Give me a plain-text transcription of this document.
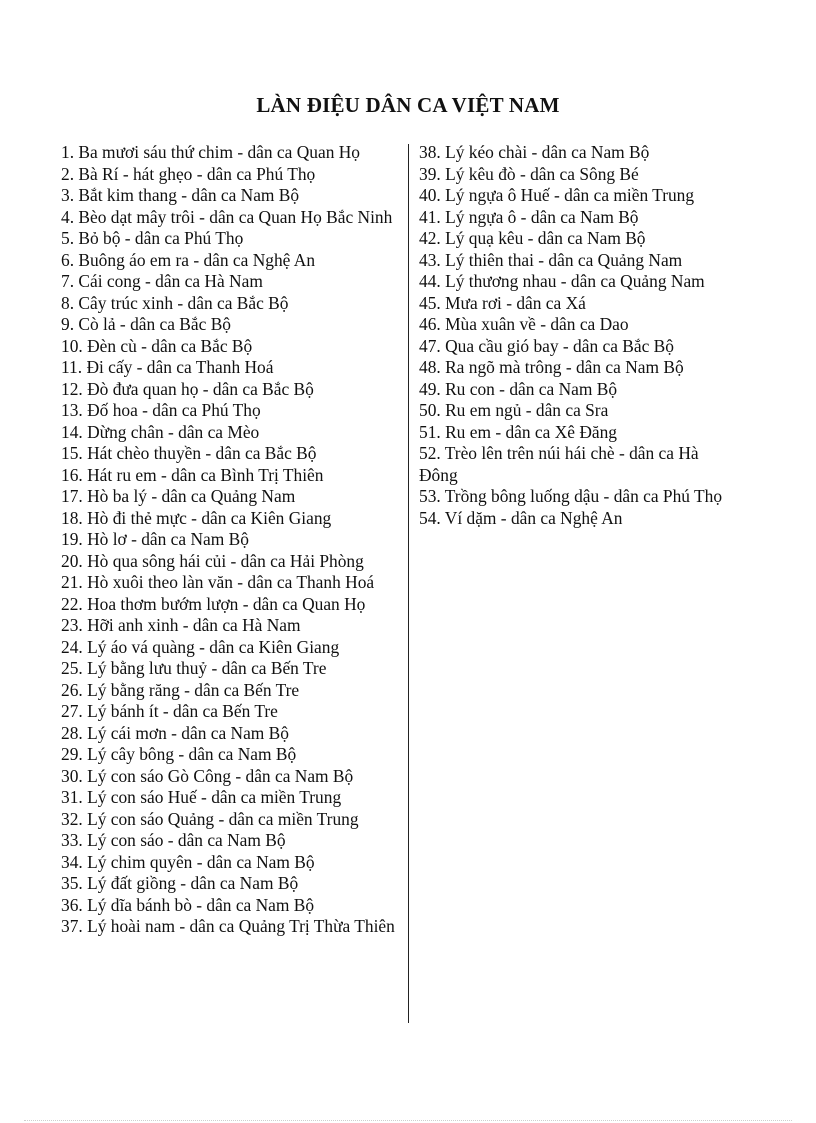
LÀN ĐIỆU DÂN CA VIỆT NAM
1. Ba mươi sáu thứ chim - dân ca Quan Họ
2. Bà Rí - hát ghẹo - dân ca Phú Thọ
3. Bắt kim thang - dân ca Nam Bộ
4. Bèo dạt mây trôi - dân ca Quan Họ Bắc Ninh
5. Bỏ bộ - dân ca Phú Thọ
6. Buông áo em ra - dân ca Nghệ An
7. Cái cong - dân ca Hà Nam
8. Cây trúc xinh - dân ca Bắc Bộ
9. Cò lả - dân ca Bắc Bộ
10. Đèn cù - dân ca Bắc Bộ
11. Đi cấy - dân ca Thanh Hoá
12. Đò đưa quan họ - dân ca Bắc Bộ
13. Đố hoa - dân ca Phú Thọ
14. Dừng chân - dân ca Mèo
15. Hát chèo thuyền - dân ca Bắc Bộ
16. Hát ru em - dân ca Bình Trị Thiên
17. Hò ba lý - dân ca Quảng Nam
18. Hò đi thẻ mực - dân ca Kiên Giang
19. Hò lơ - dân ca Nam Bộ
20. Hò qua sông hái củi - dân ca Hải Phòng
21. Hò xuôi theo làn văn - dân ca Thanh Hoá
22. Hoa thơm bướm lượn - dân ca Quan Họ
23. Hỡi anh xinh - dân ca Hà Nam
24. Lý áo vá quàng - dân ca Kiên Giang
25. Lý bằng lưu thuỷ - dân ca Bến Tre
26. Lý bằng răng - dân ca Bến Tre
27. Lý bánh ít - dân ca Bến Tre
28. Lý cái mơn - dân ca Nam Bộ
29. Lý cây bông - dân ca Nam Bộ
30. Lý con sáo Gò Công - dân ca Nam Bộ
31. Lý con sáo Huế - dân ca miền Trung
32. Lý con sáo Quảng - dân ca miền Trung
33. Lý con sáo - dân ca Nam Bộ
34. Lý chim quyên - dân ca Nam Bộ
35. Lý đất giồng - dân ca Nam Bộ
36. Lý dĩa bánh bò - dân ca Nam Bộ
37. Lý hoài nam - dân ca Quảng Trị Thừa Thiên
38. Lý kéo chài - dân ca Nam Bộ
39. Lý kêu đò - dân ca Sông Bé
40. Lý ngựa ô Huế - dân ca miền Trung
41. Lý ngựa ô - dân ca Nam Bộ
42. Lý quạ kêu - dân ca Nam Bộ
43. Lý thiên thai - dân ca Quảng Nam
44. Lý thương nhau - dân ca Quảng Nam
45. Mưa rơi - dân ca Xá
46. Mùa xuân về - dân ca Dao
47. Qua cầu gió bay - dân ca Bắc Bộ
48. Ra ngõ mà trông - dân ca Nam Bộ
49. Ru con - dân ca Nam Bộ
50. Ru em ngủ - dân ca Sra
51. Ru em - dân ca Xê Đăng
52. Trèo lên trên núi hái chè - dân ca Hà Đông
53. Trồng bông luống dậu - dân ca Phú Thọ
54. Ví dặm - dân ca Nghệ An
